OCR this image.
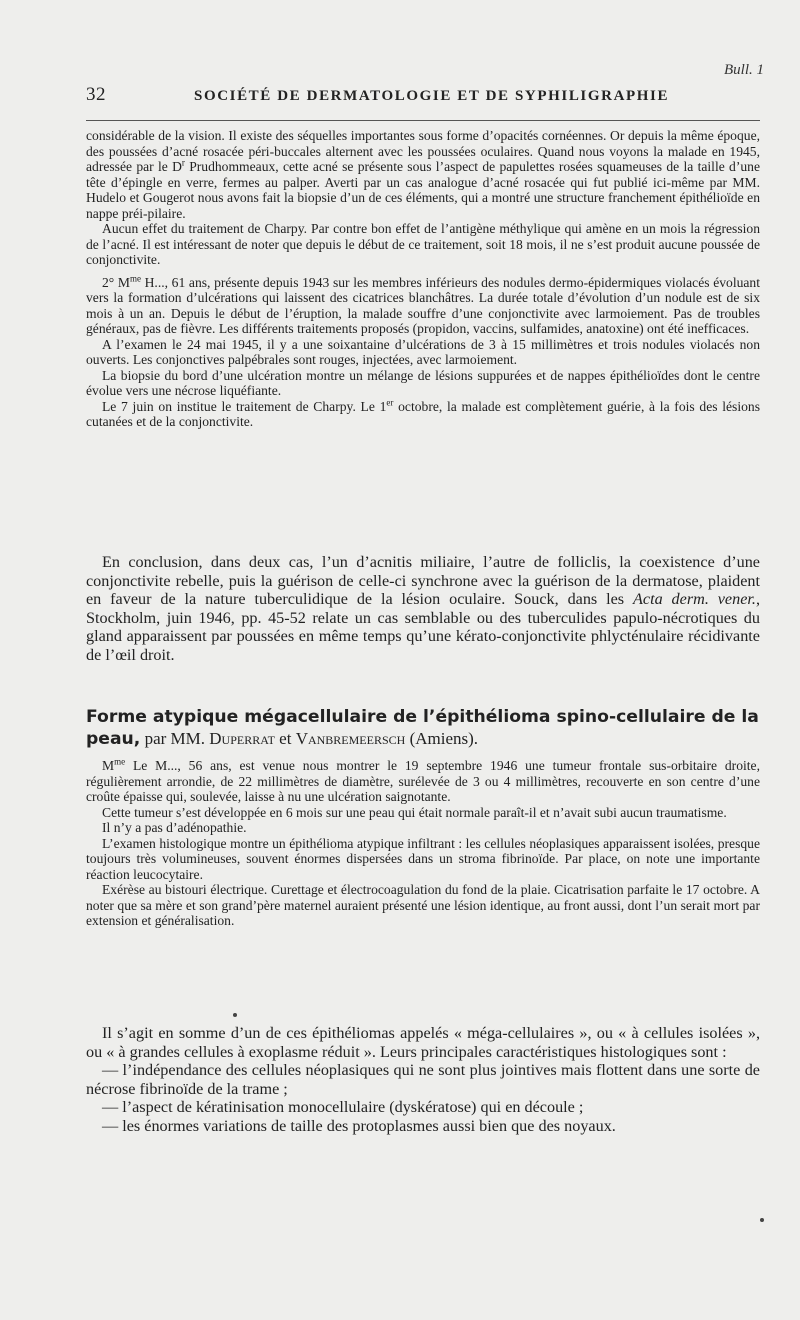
Bull. 1
32	SOCIÉTÉ DE DERMATOLOGIE ET DE SYPHILIGRAPHIE

considérable de la vision. Il existe des séquelles importantes sous forme d’opacités cornéennes. Or depuis la même époque, des poussées d’acné rosacée péri-buccales alternent avec les poussées oculaires. Quand nous voyons la malade en 1945, adressée par le $D^r$ Prudhommeaux, cette acné se présente sous l’aspect de papulettes rosées squameuses de la taille d’une tête d’épingle en verre, fermes au palper. Averti par un cas analogue d’acné rosacée qui fut publié ici-même par MM. Hudelo et Gougerot nous avons fait la biopsie d’un de ces éléments, qui a montré une structure franchement épithélioïde en nappe préi-pilaire.

Aucun effet du traitement de Charpy. Par contre bon effet de l’antigène méthylique qui amène en un mois la régression de l’acné. Il est intéressant de noter que depuis le début de ce traitement, soit 18 mois, il ne s’est produit aucune poussée de conjonctivite.

2° $M^{me}$ H..., 61 ans, présente depuis 1943 sur les membres inférieurs des nodules dermo-épidermiques violacés évoluant vers la formation d’ulcérations qui laissent des cicatrices blanchâtres. La durée totale d’évolution d’un nodule est de six mois à un an. Depuis le début de l’éruption, la malade souffre d’une conjonctivite avec larmoiement. Pas de troubles généraux, pas de fièvre. Les différents traitements proposés (propidon, vaccins, sulfamides, anatoxine) ont été inefficaces.

A l’examen le 24 mai 1945, il y a une soixantaine d’ulcérations de 3 à 15 millimètres et trois nodules violacés non ouverts. Les conjonctives palpébrales sont rouges, injectées, avec larmoiement.

La biopsie du bord d’une ulcération montre un mélange de lésions suppurées et de nappes épithélioïdes dont le centre évolue vers une nécrose liquéfiante.

Le 7 juin on institue le traitement de Charpy. Le 1er octobre, la malade est complètement guérie, à la fois des lésions cutanées et de la conjonctivite.

En conclusion, dans deux cas, l’un d’acnitis miliaire, l’autre de folliclis, la coexistence d’une conjonctivite rebelle, puis la guérison de celle-ci synchrone avec la guérison de la dermatose, plaident en faveur de la nature tuberculidique de la lésion oculaire. Souck, dans les Acta derm. vener., Stockholm, juin 1946, pp. 45-52 relate un cas semblable ou des tuberculides papulo-nécrotiques du gland apparaissent par poussées en même temps qu’une kérato-conjonctivite phlycténulaire récidivante de l’œil droit.

Forme atypique mégacellulaire de l’épithélioma spino-cellulaire de la peau, par MM. Duperrat et Vanbremeersch (Amiens).

$M^{me}$ Le M..., 56 ans, est venue nous montrer le 19 septembre 1946 une tumeur frontale sus-orbitaire droite, régulièrement arrondie, de 22 millimètres de diamètre, surélevée de 3 ou 4 millimètres, recouverte en son centre d’une croûte épaisse qui, soulevée, laisse à nu une ulcération saignotante.

Cette tumeur s’est développée en 6 mois sur une peau qui était normale paraît-il et n’avait subi aucun traumatisme.

Il n’y a pas d’adénopathie.

L’examen histologique montre un épithélioma atypique infiltrant : les cellules néoplasiques apparaissent isolées, presque toujours très volumineuses, souvent énormes dispersées dans un stroma fibrinoïde. Par place, on note une importante réaction leucocytaire.

Exérèse au bistouri électrique. Curettage et électrocoagulation du fond de la plaie. Cicatrisation parfaite le 17 octobre. A noter que sa mère et son grand’père maternel auraient présenté une lésion identique, au front aussi, dont l’un serait mort par extension et généralisation.

Il s’agit en somme d’un de ces épithéliomas appelés « méga-cellulaires », ou « à cellules isolées », ou « à grandes cellules à exoplasme réduit ». Leurs principales caractéristiques histologiques sont :

— l’indépendance des cellules néoplasiques qui ne sont plus jointives mais flottent dans une sorte de nécrose fibrinoïde de la trame ;

— l’aspect de kératinisation monocellulaire (dyskératose) qui en découle ;

— les énormes variations de taille des protoplasmes aussi bien que des noyaux.
